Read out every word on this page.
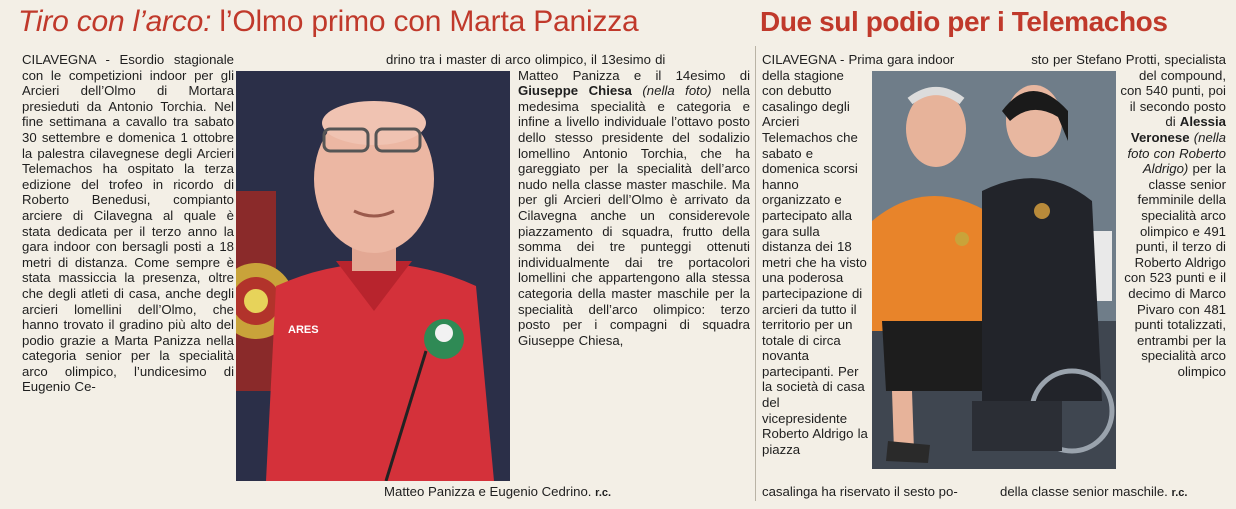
Tiro con l’arco: l’Olmo primo con Marta Panizza	Due sul podio per i Telemachos

CILAVEGNA - Esordio stagionale con le competizioni indoor per gli Arcieri dell’Olmo di Mortara presieduti da Antonio Torchia. Nel fine settimana a cavallo tra sabato 30 settembre e domenica 1 ottobre la palestra cilavegnese degli Arcieri Telemachos ha ospitato la terza edizione del trofeo in ricordo di Roberto Benedusi, compianto arciere di Cilavegna al quale è stata dedicata per il terzo anno la gara indoor con bersagli posti a 18 metri di distanza. Come sempre è stata massiccia la presenza, oltre che degli atleti di casa, anche degli arcieri lomellini dell’Olmo, che hanno trovato il gradino più alto del podio grazie a Marta Panizza nella categoria senior per la specialità arco olimpico, l’undicesimo di Eugenio Ce-

ARES

drino tra i master di arco olimpico, il 13esimo di

Matteo Panizza e il 14esimo di Giuseppe Chiesa (nella foto) nella medesima specialità e categoria e infine a livello individuale l’ottavo posto dello stesso presidente del sodalizio lomellino Antonio Torchia, che ha gareggiato per la specialità dell’arco nudo nella classe master maschile. Ma per gli Arcieri dell’Olmo è arrivato da Cilavegna anche un considerevole piazzamento di squadra, frutto della somma dei tre punteggi ottenuti individualmente dai tre portacolori lomellini che appartengono alla stessa categoria della master maschile per la specialità dell’arco olimpico: terzo posto per i compagni di squadra Giuseppe Chiesa,

Matteo Panizza e Eugenio Cedrino. r.c.

CILAVEGNA - Prima gara indoor

della stagione con debutto casalingo degli Arcieri Telemachos che sabato e domenica scorsi hanno organizzato e partecipato alla gara sulla distanza dei 18 metri che ha visto una poderosa partecipazione di arcieri da tutto il territorio per un totale di circa novanta partecipanti. Per la società di casa del vicepresidente Roberto Aldrigo la piazza

casalinga ha riservato il sesto po-

sto per Stefano Protti, specialista

del compound, con 540 punti, poi il secondo posto di Alessia Veronese (nella foto con Roberto Aldrigo) per la classe senior femminile della specialità arco olimpico e 491 punti, il terzo di Roberto Aldrigo con 523 punti e il decimo di Marco Pivaro con 481 punti totalizzati, entrambi per la specialità arco olimpico

della classe senior maschile. r.c.
